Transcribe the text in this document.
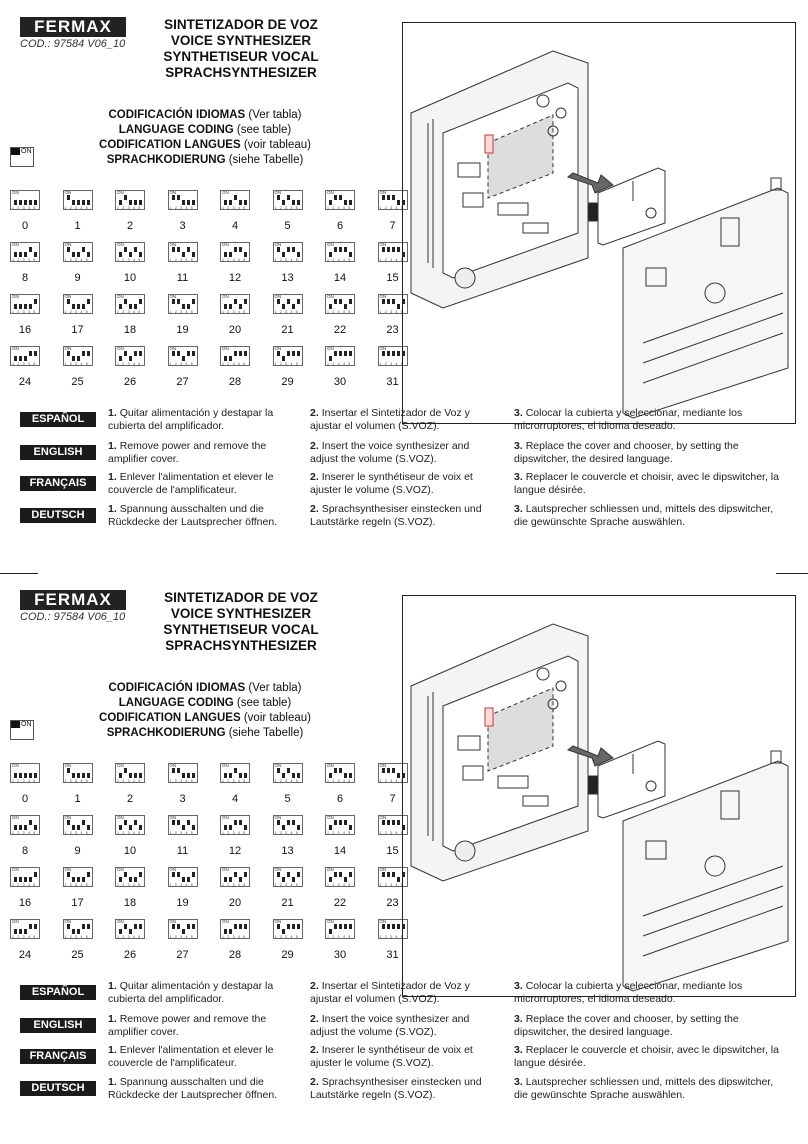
FERMAX
COD.: 97584 V06_10
SINTETIZADOR DE VOZ
VOICE SYNTHESIZER
SYNTHETISEUR VOCAL
SPRACHSYNTHESIZER
CODIFICACIÓN IDIOMAS (Ver tabla)
LANGUAGE CODING (see table)
CODIFICATION LANGUES (voir tableau)
SPRACHKODIERUNG (siehe Tabelle)
ON
ON
1 2 3 4 5
0
ON
1 2 3 4 5
1
ON
1 2 3 4 5
2
ON
1 2 3 4 5
3
ON
1 2 3 4 5
4
ON
1 2 3 4 5
5
ON
1 2 3 4 5
6
ON
1 2 3 4 5
7
ON
1 2 3 4 5
8
ON
1 2 3 4 5
9
ON
1 2 3 4 5
10
ON
1 2 3 4 5
11
ON
1 2 3 4 5
12
ON
1 2 3 4 5
13
ON
1 2 3 4 5
14
ON
1 2 3 4 5
15
ON
1 2 3 4 5
16
ON
1 2 3 4 5
17
ON
1 2 3 4 5
18
ON
1 2 3 4 5
19
ON
1 2 3 4 5
20
ON
1 2 3 4 5
21
ON
1 2 3 4 5
22
ON
1 2 3 4 5
23
ON
1 2 3 4 5
24
ON
1 2 3 4 5
25
ON
1 2 3 4 5
26
ON
1 2 3 4 5
27
ON
1 2 3 4 5
28
ON
1 2 3 4 5
29
ON
1 2 3 4 5
30
ON
1 2 3 4 5
31
ESPAÑOL
ENGLISH
FRANÇAIS
DEUTSCH
1. Quitar alimentación y destapar la cubierta del amplificador.
2. Insertar el Sintetizador de Voz y ajustar el volumen (S.VOZ).
3. Colocar la cubierta y seleccionar, mediante los microrruptores, el idioma deseado.
1. Remove power and remove the amplifier cover.
2. Insert the voice synthesizer and adjust the volume (S.VOZ).
3. Replace the cover and chooser, by setting the dipswitcher, the desired language.
1. Enlever l'alimentation et elever le couvercle de l'amplificateur.
2. Inserer le synthétiseur de voix et ajuster le volume (S.VOZ).
3. Replacer le couvercle et choisir, avec le dipswitcher, la langue désirée.
1. Spannung ausschalten und die Rückdecke der Lautsprecher öffnen.
2. Sprachsynthesiser einstecken und Lautstärke regeln (S.VOZ).
3. Lautsprecher schliessen und, mittels des dipswitcher, die gewünschte Sprache auswählen.
FERMAX
COD.: 97584 V06_10
SINTETIZADOR DE VOZ
VOICE SYNTHESIZER
SYNTHETISEUR VOCAL
SPRACHSYNTHESIZER
CODIFICACIÓN IDIOMAS (Ver tabla)
LANGUAGE CODING (see table)
CODIFICATION LANGUES (voir tableau)
SPRACHKODIERUNG (siehe Tabelle)
ON
ON
1 2 3 4 5
0
ON
1 2 3 4 5
1
ON
1 2 3 4 5
2
ON
1 2 3 4 5
3
ON
1 2 3 4 5
4
ON
1 2 3 4 5
5
ON
1 2 3 4 5
6
ON
1 2 3 4 5
7
ON
1 2 3 4 5
8
ON
1 2 3 4 5
9
ON
1 2 3 4 5
10
ON
1 2 3 4 5
11
ON
1 2 3 4 5
12
ON
1 2 3 4 5
13
ON
1 2 3 4 5
14
ON
1 2 3 4 5
15
ON
1 2 3 4 5
16
ON
1 2 3 4 5
17
ON
1 2 3 4 5
18
ON
1 2 3 4 5
19
ON
1 2 3 4 5
20
ON
1 2 3 4 5
21
ON
1 2 3 4 5
22
ON
1 2 3 4 5
23
ON
1 2 3 4 5
24
ON
1 2 3 4 5
25
ON
1 2 3 4 5
26
ON
1 2 3 4 5
27
ON
1 2 3 4 5
28
ON
1 2 3 4 5
29
ON
1 2 3 4 5
30
ON
1 2 3 4 5
31
ESPAÑOL
ENGLISH
FRANÇAIS
DEUTSCH
1. Quitar alimentación y destapar la cubierta del amplificador.
2. Insertar el Sintetizador de Voz y ajustar el volumen (S.VOZ).
3. Colocar la cubierta y seleccionar, mediante los microrruptores, el idioma deseado.
1. Remove power and remove the amplifier cover.
2. Insert the voice synthesizer and adjust the volume (S.VOZ).
3. Replace the cover and chooser, by setting the dipswitcher, the desired language.
1. Enlever l'alimentation et elever le couvercle de l'amplificateur.
2. Inserer le synthétiseur de voix et ajuster le volume (S.VOZ).
3. Replacer le couvercle et choisir, avec le dipswitcher, la langue désirée.
1. Spannung ausschalten und die Rückdecke der Lautsprecher öffnen.
2. Sprachsynthesiser einstecken und Lautstärke regeln (S.VOZ).
3. Lautsprecher schliessen und, mittels des dipswitcher, die gewünschte Sprache auswählen.
